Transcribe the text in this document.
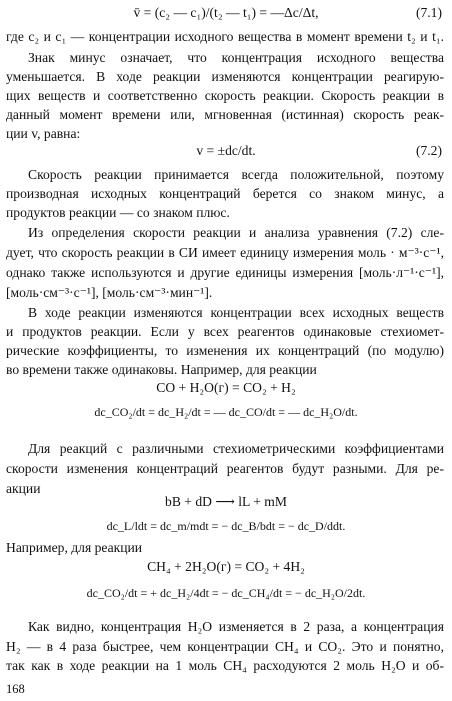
v̄ = (c₂ — c₁)/(t₂ — t₁) = —Δc/Δt,	(7.1)
где c₂ и c₁ — концентрации исходного вещества в момент времени t₂ и t₁.
Знак минус означает, что концентрация исходного вещества
уменьшается. В ходе реакции изменяются концентрации реагирую-
щих веществ и соответственно скорость реакции. Скорость реакции в
данный момент времени или, мгновенная (истинная) скорость реак-
ции v, равна:
v = ±dc/dt.	(7.2)
Скорость реакции принимается всегда положительной, поэтому
производная исходных концентраций берется со знаком минус, а
продуктов реакции — со знаком плюс.
Из определения скорости реакции и анализа уравнения (7.2) сле-
дует, что скорость реакции в СИ имеет единицу измерения моль · м⁻³·с⁻¹,
однако также используются и другие единицы измерения [моль·л⁻¹·с⁻¹],
[моль·см⁻³·с⁻¹], [моль·см⁻³·мин⁻¹].
В ходе реакции изменяются концентрации всех исходных веществ
и продуктов реакции. Если у всех реагентов одинаковые стехиомет-
рические коэффициенты, то изменения их концентраций (по модулю)
во времени также одинаковы. Например, для реакции
CO + H₂O(г) = CO₂ + H₂
dc_CO₂/dt = dc_H₂/dt = — dc_CO/dt = — dc_H₂O/dt.
Для реакций с различными стехиометрическими коэффициентами
скорости изменения концентраций реагентов будут разными. Для ре-
акции
bB + dD ⟶ lL + mM
dc_L/ldt = dc_m/mdt = − dc_B/bdt = − dc_D/ddt.
Например, для реакции
CH₄ + 2H₂O(г) = CO₂ + 4H₂
dc_CO₂/dt = + dc_H₂/4dt = − dc_CH₄/dt = − dc_H₂O/2dt.
Как видно, концентрация H₂O изменяется в 2 раза, а концентрация
H₂ — в 4 раза быстрее, чем концентрации CH₄ и CO₂. Это и понятно,
так как в ходе реакции на 1 моль CH₄ расходуются 2 моль H₂O и об-
168
